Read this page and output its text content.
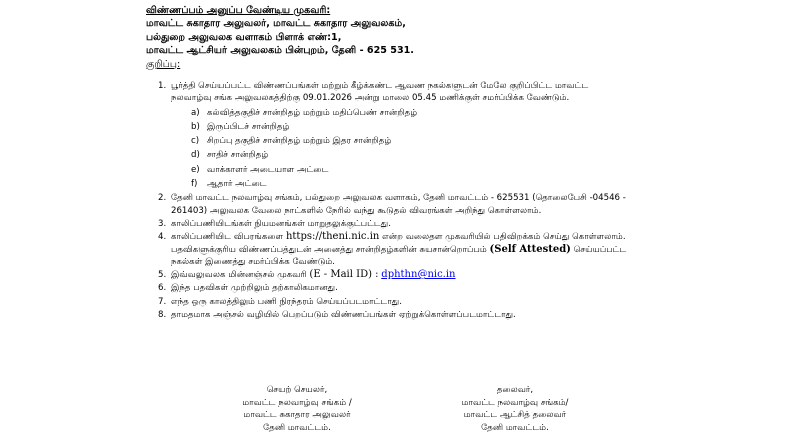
விண்ணப்பம் அனுப்ப வேண்டிய முகவரி:
மாவட்ட சுகாதார அலுவலர், மாவட்ட சுகாதார அலுவலகம்,
பல்துறை அலுவலக வளாகம் பிளாக் எண்:1,
மாவட்ட ஆட்சியர் அலுவலகம் பின்புறம், தேனி - 625 531.
குறிப்பு:
1. பூர்த்தி செய்யப்பட்ட விண்ணப்பங்கள் மற்றும் கீழ்க்கண்ட ஆவண நகல்களுடன் மேலே குறிப்பிட்ட மாவட்ட நலவாழ்வு சங்க அலுவலகத்திற்கு 09.01.2026 அன்று மாலை 05.45 மணிக்குள் சமர்ப்பிக்க வேண்டும்.
a) கல்வித்தகுதிச் சான்றிதழ் மற்றும் மதிப்பெண் சான்றிதழ்
b) இருப்பிடச் சான்றிதழ்
c) சிறப்பு தகுதிச் சான்றிதழ் மற்றும் இதர சான்றிதழ்
d) சாதிச் சான்றிதழ்
e) வாக்காளர் அடையாள அட்டை
f) ஆதார் அட்டை
2. தேனி மாவட்ட நலவாழ்வு சங்கம், பல்துறை அலுவலக வளாகம், தேனி மாவட்டம் - 625531 (தொலைபேசி -04546 - 261403) அலுவலக வேலை நாட்களில் நேரில் வந்து கூடுதல் விவரங்கள் அறிந்து கொள்ளலாம்.
3. காலிப்பணியிடங்கள் நியமனங்கள் மாறுதலுக்குட்பட்டது.
4. காலிப்பணியிட விபரங்களை https://theni.nic.in என்ற வலைதள முகவரியில் பதிவிறக்கம் செய்து கொள்ளலாம். பதவிகளுக்குரிய விண்ணப்பத்துடன் அனைத்து சான்றிதழ்களின் சுயசான்றொப்பம் (Self Attested) செய்யப்பட்ட நகல்கள் இணைத்து சமர்ப்பிக்க வேண்டும்.
5. இவ்வலுவலக மின்னஞ்சல் முகவரி (E - Mail ID) : dphthn@nic.in
6. இந்த பதவிகள் முற்றிலும் தற்காலிகமானது.
7. எந்த ஒரு காலத்திலும் பணி நிரந்தரம் செய்யப்படமாட்டாது.
8. தாமதமாக அஞ்சல் வழியில் பெறப்படும் விண்ணப்பங்கள் ஏற்றுக்கொள்ளப்படமாட்டாது.
செயற் செயலர்,
மாவட்ட நலவாழ்வு சங்கம் /
மாவட்ட சுகாதார அலுவலர்
தேனி மாவட்டம்.
தலைவர்,
மாவட்ட நலவாழ்வு சங்கம்/
மாவட்ட ஆட்சித் தலைவர்
தேனி மாவட்டம்.
